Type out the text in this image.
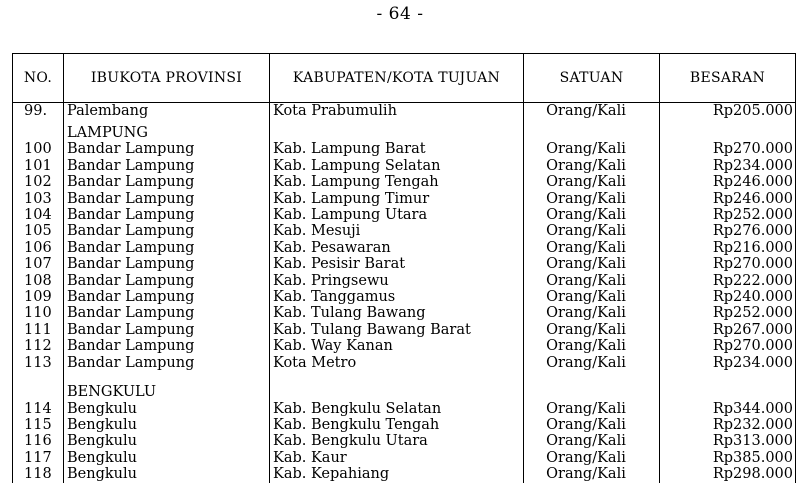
- 64 -
NO.	IBUKOTA PROVINSI	KABUPATEN/KOTA TUJUAN	SATUAN	BESARAN
99.	Palembang	Kota Prabumulih	Orang/Kali	Rp205.000
	LAMPUNG			
100	Bandar Lampung	Kab. Lampung Barat	Orang/Kali	Rp270.000
101	Bandar Lampung	Kab. Lampung Selatan	Orang/Kali	Rp234.000
102	Bandar Lampung	Kab. Lampung Tengah	Orang/Kali	Rp246.000
103	Bandar Lampung	Kab. Lampung Timur	Orang/Kali	Rp246.000
104	Bandar Lampung	Kab. Lampung Utara	Orang/Kali	Rp252.000
105	Bandar Lampung	Kab. Mesuji	Orang/Kali	Rp276.000
106	Bandar Lampung	Kab. Pesawaran	Orang/Kali	Rp216.000
107	Bandar Lampung	Kab. Pesisir Barat	Orang/Kali	Rp270.000
108	Bandar Lampung	Kab. Pringsewu	Orang/Kali	Rp222.000
109	Bandar Lampung	Kab. Tanggamus	Orang/Kali	Rp240.000
110	Bandar Lampung	Kab. Tulang Bawang	Orang/Kali	Rp252.000
111	Bandar Lampung	Kab. Tulang Bawang Barat	Orang/Kali	Rp267.000
112	Bandar Lampung	Kab. Way Kanan	Orang/Kali	Rp270.000
113	Bandar Lampung	Kota Metro	Orang/Kali	Rp234.000

	BENGKULU			
114	Bengkulu	Kab. Bengkulu Selatan	Orang/Kali	Rp344.000
115	Bengkulu	Kab. Bengkulu Tengah	Orang/Kali	Rp232.000
116	Bengkulu	Kab. Bengkulu Utara	Orang/Kali	Rp313.000
117	Bengkulu	Kab. Kaur	Orang/Kali	Rp385.000
118	Bengkulu	Kab. Kepahiang	Orang/Kali	Rp298.000
